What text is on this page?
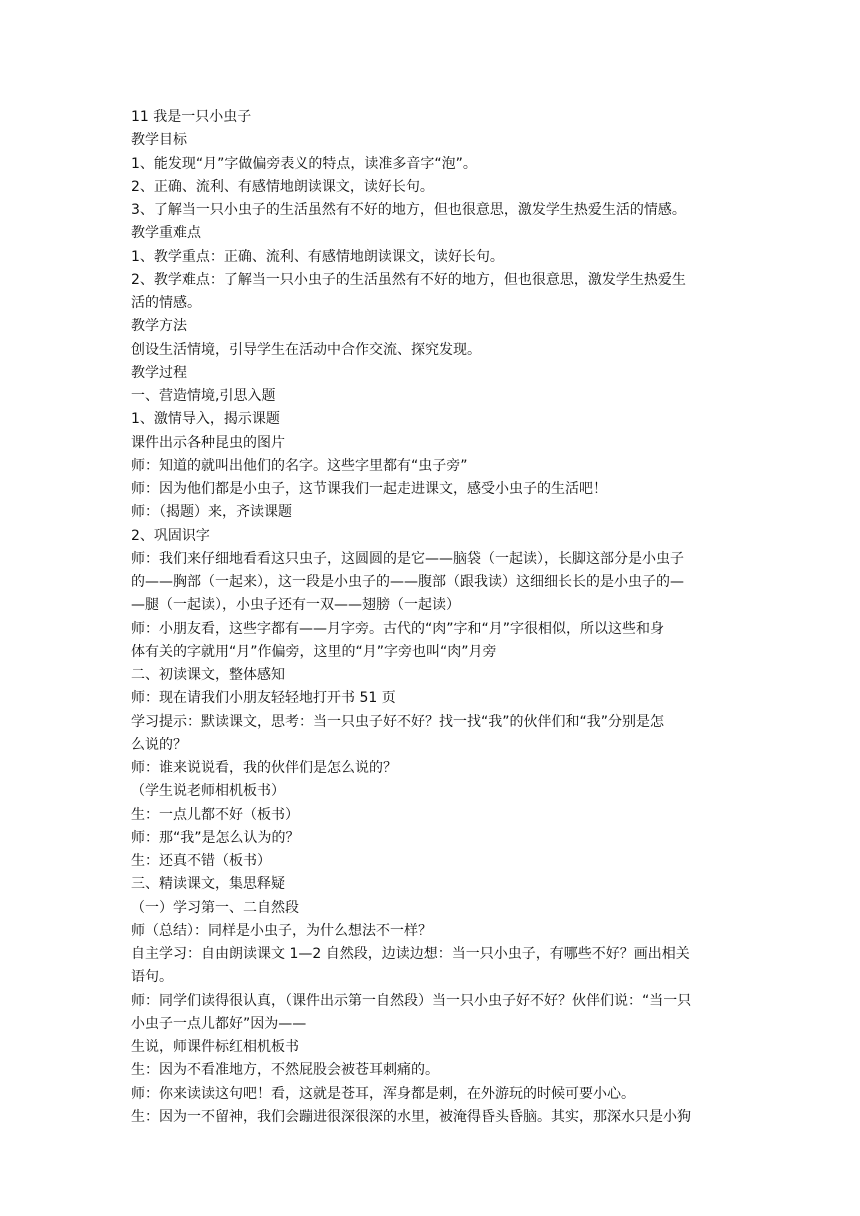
11 我是一只小虫子
教学目标
1、能发现“月”字做偏旁表义的特点，读准多音字“泡”。
2、正确、流利、有感情地朗读课文，读好长句。
3、了解当一只小虫子的生活虽然有不好的地方，但也很意思，激发学生热爱生活的情感。
教学重难点
1、教学重点：正确、流利、有感情地朗读课文，读好长句。
2、教学难点：了解当一只小虫子的生活虽然有不好的地方，但也很意思，激发学生热爱生
活的情感。
教学方法
创设生活情境，引导学生在活动中合作交流、探究发现。
教学过程
一、营造情境,引思入题
1、激情导入，揭示课题
课件出示各种昆虫的图片
师：知道的就叫出他们的名字。这些字里都有“虫子旁”
师：因为他们都是小虫子，这节课我们一起走进课文，感受小虫子的生活吧！
师：（揭题）来，齐读课题
2、巩固识字
师：我们来仔细地看看这只虫子，这圆圆的是它——脑袋（一起读），长脚这部分是小虫子
的——胸部（一起来），这一段是小虫子的——腹部（跟我读）这细细长长的是小虫子的—
—腿（一起读），小虫子还有一双——翅膀（一起读）
师：小朋友看，这些字都有——月字旁。古代的“肉”字和“月”字很相似，所以这些和身
体有关的字就用“月”作偏旁，这里的“月”字旁也叫“肉”月旁
二、初读课文，整体感知
师：现在请我们小朋友轻轻地打开书 51 页
学习提示：默读课文，思考：当一只虫子好不好？找一找“我”的伙伴们和“我”分别是怎
么说的？
师：谁来说说看，我的伙伴们是怎么说的？
（学生说老师相机板书）
生：一点儿都不好（板书）
师：那“我”是怎么认为的？
生：还真不错（板书）
三、精读课文，集思释疑
（一）学习第一、二自然段
师（总结）：同样是小虫子，为什么想法不一样？
自主学习：自由朗读课文 1—2 自然段，边读边想：当一只小虫子，有哪些不好？画出相关
语句。
师：同学们读得很认真，（课件出示第一自然段）当一只小虫子好不好？伙伴们说：“当一只
小虫子一点儿都好”因为——
生说，师课件标红相机板书
生：因为不看准地方，不然屁股会被苍耳刺痛的。
师：你来读读这句吧！看，这就是苍耳，浑身都是刺，在外游玩的时候可要小心。
生：因为一不留神，我们会蹦进很深很深的水里，被淹得昏头昏脑。其实，那深水只是小狗
